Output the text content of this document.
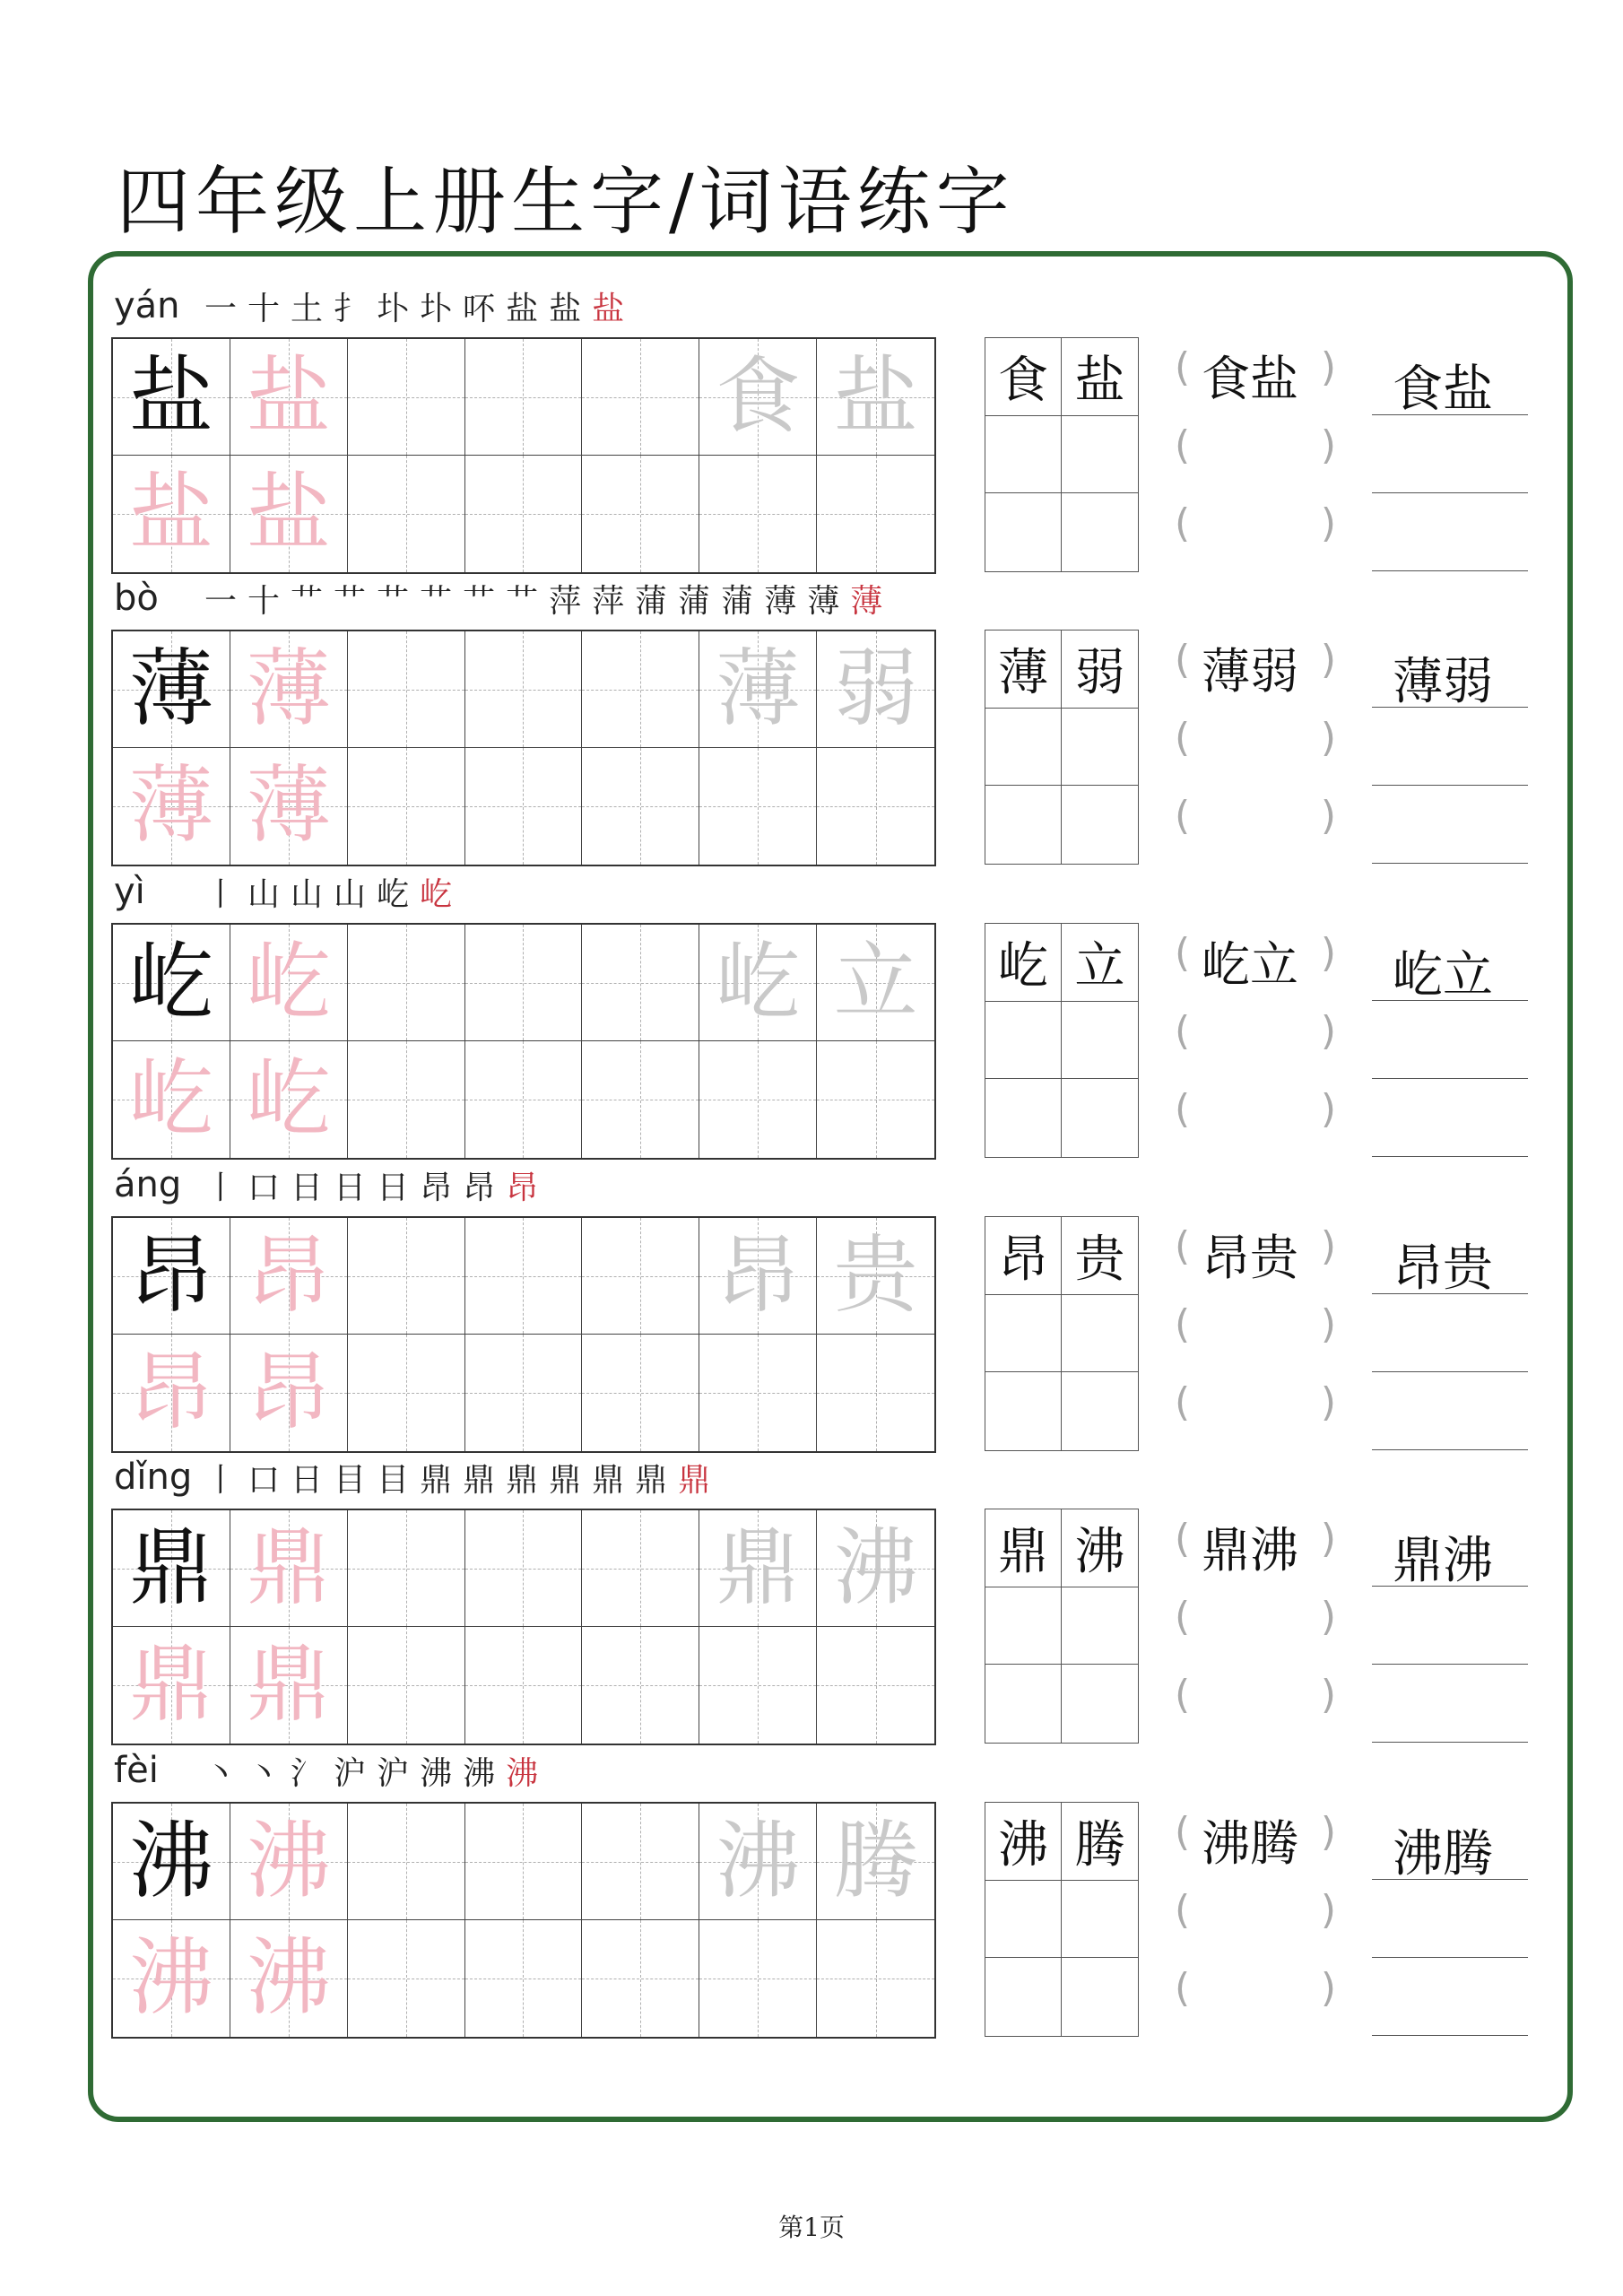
四年级上册生字/词语练字
yán 一 十 土 扌 圤 圤 吥 盐 盐 盐
盐 盐	食 盐
盐 盐
食 盐	(	)
食盐
(	)
(	)
食盐
bò 一 十 艹 艹 艹 艹 艹 艹 萍 萍 蒲 蒲 蒲 薄 薄 薄
薄 薄	薄 弱
薄 薄
薄 弱	(	)
薄弱
(	)
(	)
薄弱
yì 丨 山 山 山 屹 屹
屹 屹	屹 立
屹 屹
屹 立	(	)
屹立
(	)
(	)
屹立
áng 丨 口 日 日 日 昂 昂 昂
昂 昂	昂 贵
昂 昂
昂 贵	(	)
昂贵
(	)
(	)
昂贵
dǐng 丨 口 日 目 目 鼎 鼎 鼎 鼎 鼎 鼎 鼎
鼎 鼎	鼎 沸
鼎 鼎
鼎 沸	(	)
鼎沸
(	)
(	)
鼎沸
fèi 丶 丶 氵 沪 沪 沸 沸 沸
沸 沸	沸 腾
沸 沸
沸 腾	(	)
沸腾
(	)
(	)
沸腾
第1页
